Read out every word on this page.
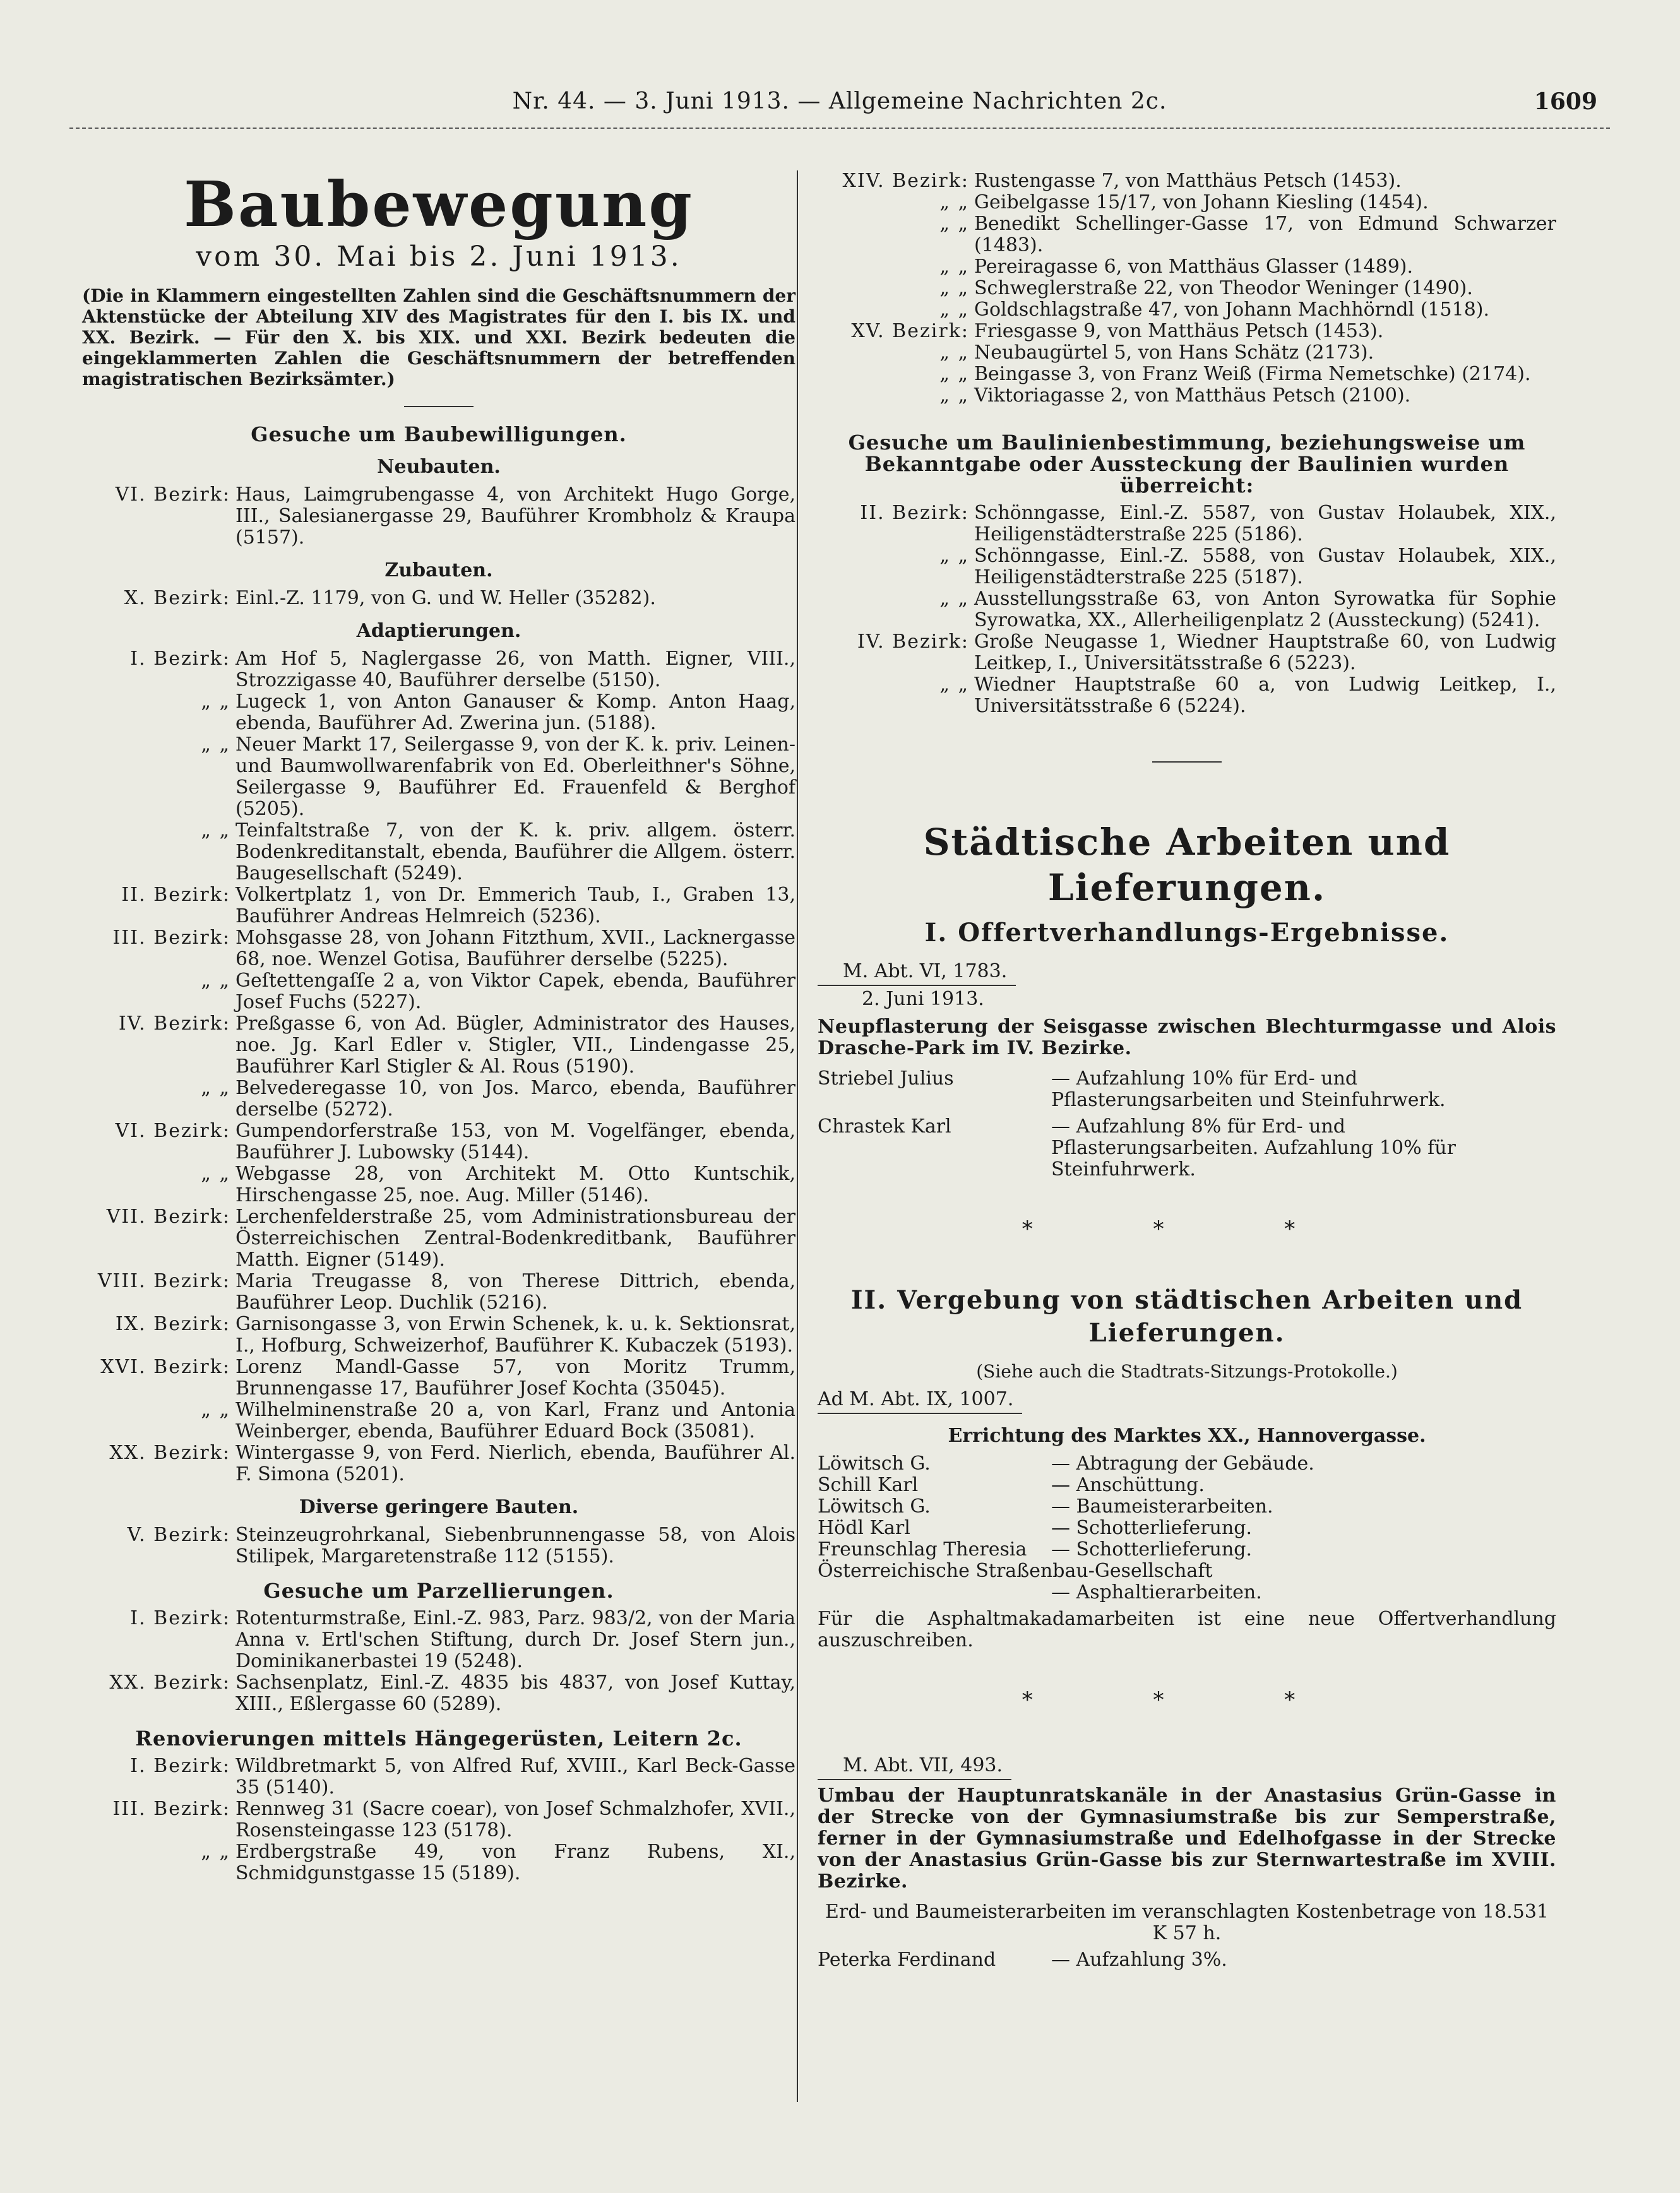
Nr. 44. — 3. Juni 1913. — Allgemeine Nachrichten 2c.	1609
Baubewegung
vom 30. Mai bis 2. Juni 1913.

(Die in Klammern eingestellten Zahlen sind die Geschäftsnummern der Aktenstücke der Abteilung XIV des Magistrates für den I. bis IX. und XX. Bezirk. — Für den X. bis XIX. und XXI. Bezirk bedeuten die eingeklammerten Zahlen die Geschäftsnummern der betreffenden magistratischen Bezirksämter.)

Gesuche um Baubewilligungen.
Neubauten.
VI. Bezirk: Haus, Laimgrubengasse 4, von Architekt Hugo Gorge, III., Salesianergasse 29, Bauführer Krombholz & Kraupa (5157).
Zubauten.
X. Bezirk: Einl.-Z. 1179, von G. und W. Heller (35282).
Adaptierungen.
I. Bezirk: Am Hof 5, Naglergasse 26, von Matth. Eigner, VIII., Strozzigasse 40, Bauführer derselbe (5150).
„ „ Lugeck 1, von Anton Ganauser & Komp. Anton Haag, ebenda, Bauführer Ad. Zwerina jun. (5188).
„ „ Neuer Markt 17, Seilergasse 9, von der K. k. priv. Leinen- und Baumwollwarenfabrik von Ed. Oberleithner's Söhne, Seilergasse 9, Bauführer Ed. Frauenfeld & Berghof (5205).
„ „ Teinfaltstraße 7, von der K. k. priv. allgem. österr. Bodenkreditanstalt, ebenda, Bauführer die Allgem. österr. Baugesellschaft (5249).
II. Bezirk: Volkertplatz 1, von Dr. Emmerich Taub, I., Graben 13, Bauführer Andreas Helmreich (5236).
III. Bezirk: Mohsgasse 28, von Johann Fitzthum, XVII., Lacknergasse 68, noe. Wenzel Gotisa, Bauführer derselbe (5225).
„ „ Geſtettengaſſe 2 a, von Viktor Capek, ebenda, Bauführer Josef Fuchs (5227).
IV. Bezirk: Preßgasse 6, von Ad. Bügler, Administrator des Hauses, noe. Jg. Karl Edler v. Stigler, VII., Lindengasse 25, Bauführer Karl Stigler & Al. Rous (5190).
„ „ Belvederegasse 10, von Jos. Marco, ebenda, Bauführer derselbe (5272).
VI. Bezirk: Gumpendorferstraße 153, von M. Vogelfänger, ebenda, Bauführer J. Lubowsky (5144).
„ „ Webgasse 28, von Architekt M. Otto Kuntschik, Hirschengasse 25, noe. Aug. Miller (5146).
VII. Bezirk: Lerchenfelderstraße 25, vom Administrationsbureau der Österreichischen Zentral-Bodenkreditbank, Bauführer Matth. Eigner (5149).
VIII. Bezirk: Maria Treugasse 8, von Therese Dittrich, ebenda, Bauführer Leop. Duchlik (5216).
IX. Bezirk: Garnisongasse 3, von Erwin Schenek, k. u. k. Sektionsrat, I., Hofburg, Schweizerhof, Bauführer K. Kubaczek (5193).
XVI. Bezirk: Lorenz Mandl-Gasse 57, von Moritz Trumm, Brunnengasse 17, Bauführer Josef Kochta (35045).
„ „ Wilhelminenstraße 20 a, von Karl, Franz und Antonia Weinberger, ebenda, Bauführer Eduard Bock (35081).
XX. Bezirk: Wintergasse 9, von Ferd. Nierlich, ebenda, Bauführer Al. F. Simona (5201).
Diverse geringere Bauten.
V. Bezirk: Steinzeugrohrkanal, Siebenbrunnengasse 58, von Alois Stilipek, Margaretenstraße 112 (5155).
Gesuche um Parzellierungen.
I. Bezirk: Rotenturmstraße, Einl.-Z. 983, Parz. 983/2, von der Maria Anna v. Ertl'schen Stiftung, durch Dr. Josef Stern jun., Dominikanerbastei 19 (5248).
XX. Bezirk: Sachsenplatz, Einl.-Z. 4835 bis 4837, von Josef Kuttay, XIII., Eßlergasse 60 (5289).
Renovierungen mittels Hängegerüsten, Leitern 2c.
I. Bezirk: Wildbretmarkt 5, von Alfred Ruf, XVIII., Karl Beck-Gasse 35 (5140).
III. Bezirk: Rennweg 31 (Sacre coear), von Josef Schmalzhofer, XVII., Rosensteingasse 123 (5178).
„ „ Erdbergstraße 49, von Franz Rubens, XI., Schmidgunstgasse 15 (5189).
XIV. Bezirk: Rustengasse 7, von Matthäus Petsch (1453).
„ „ Geibelgasse 15/17, von Johann Kiesling (1454).
„ „ Benedikt Schellinger-Gasse 17, von Edmund Schwarzer (1483).
„ „ Pereiragasse 6, von Matthäus Glasser (1489).
„ „ Schweglerstraße 22, von Theodor Weninger (1490).
„ „ Goldschlagstraße 47, von Johann Machhörndl (1518).
XV. Bezirk: Friesgasse 9, von Matthäus Petsch (1453).
„ „ Neubaugürtel 5, von Hans Schätz (2173).
„ „ Beingasse 3, von Franz Weiß (Firma Nemetschke) (2174).
„ „ Viktoriagasse 2, von Matthäus Petsch (2100).
Gesuche um Baulinienbestimmung, beziehungsweise um Bekanntgabe oder Aussteckung der Baulinien wurden überreicht:
II. Bezirk: Schönngasse, Einl.-Z. 5587, von Gustav Holaubek, XIX., Heiligenstädterstraße 225 (5186).
„ „ Schönngasse, Einl.-Z. 5588, von Gustav Holaubek, XIX., Heiligenstädterstraße 225 (5187).
„ „ Ausstellungsstraße 63, von Anton Syrowatka für Sophie Syrowatka, XX., Allerheiligenplatz 2 (Aussteckung) (5241).
IV. Bezirk: Große Neugasse 1, Wiedner Hauptstraße 60, von Ludwig Leitkep, I., Universitätsstraße 6 (5223).
„ „ Wiedner Hauptstraße 60 a, von Ludwig Leitkep, I., Universitätsstraße 6 (5224).
Städtische Arbeiten und Lieferungen.
I. Offertverhandlungs-Ergebnisse.
M. Abt. VI, 1783.
2. Juni 1913.
Neupflasterung der Seisgasse zwischen Blechturmgasse und Alois Drasche-Park im IV. Bezirke.
Striebel Julius	— Aufzahlung 10% für Erd- und Pflasterungsarbeiten und Steinfuhrwerk.
Chrastek Karl	— Aufzahlung 8% für Erd- und Pflasterungsarbeiten. Aufzahlung 10% für Steinfuhrwerk.
* * *
II. Vergebung von städtischen Arbeiten und Lieferungen.
(Siehe auch die Stadtrats-Sitzungs-Protokolle.)
Ad M. Abt. IX, 1007.
Errichtung des Marktes XX., Hannovergasse.
Löwitsch G.	— Abtragung der Gebäude.
Schill Karl	— Anschüttung.
Löwitsch G.	— Baumeisterarbeiten.
Hödl Karl	— Schotterlieferung.
Freunschlag Theresia	— Schotterlieferung.
Österreichische Straßenbau-Gesellschaft
— Asphaltierarbeiten.
Für die Asphaltmakadamarbeiten ist eine neue Offertverhandlung auszuschreiben.
* * *
M. Abt. VII, 493.
Umbau der Hauptunratskanäle in der Anastasius Grün-Gasse in der Strecke von der Gymnasiumstraße bis zur Semperstraße, ferner in der Gymnasiumstraße und Edelhofgasse in der Strecke von der Anastasius Grün-Gasse bis zur Sternwartestraße im XVIII. Bezirke.
Erd- und Baumeisterarbeiten im veranschlagten Kostenbetrage von 18.531 K 57 h.
Peterka Ferdinand	— Aufzahlung 3%.
